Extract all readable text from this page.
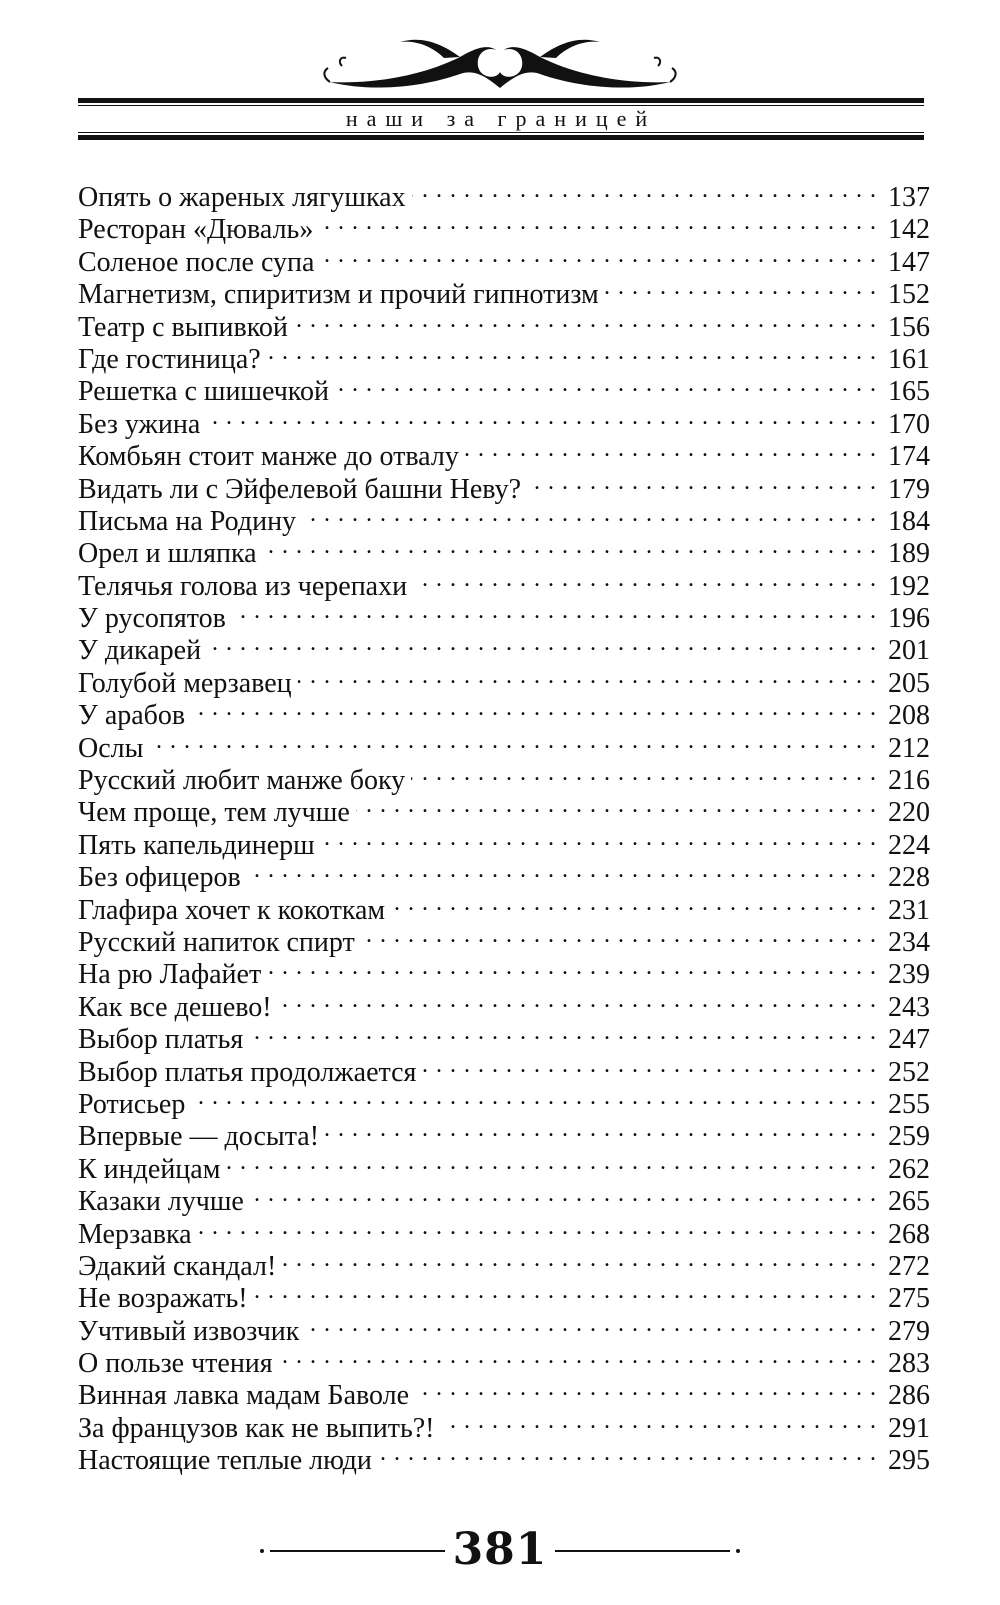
наши за границей
Опять о жареных лягушках . . .	137
Ресторан «Дюваль» . . .	142
Соленое после супа . . .	147
Магнетизм, спиритизм и прочий гипнотизм . . .	152
Театр с выпивкой . . .	156
Где гостиница? . . .	161
Решетка с шишечкой . . .	165
Без ужина . . .	170
Комбьян стоит манже до отвалу . . .	174
Видать ли с Эйфелевой башни Неву? . . .	179
Письма на Родину . . .	184
Орел и шляпка . . .	189
Телячья голова из черепахи . . .	192
У русопятов . . .	196
У дикарей . . .	201
Голубой мерзавец . . .	205
У арабов . . .	208
Ослы . . .	212
Русский любит манже боку . . .	216
Чем проще, тем лучше . . .	220
Пять капельдинерш . . .	224
Без офицеров . . .	228
Глафира хочет к кокоткам . . .	231
Русский напиток спирт . . .	234
На рю Лафайет . . .	239
Как все дешево! . . .	243
Выбор платья . . .	247
Выбор платья продолжается . . .	252
Ротисьер . . .	255
Впервые — досыта! . . .	259
К индейцам . . .	262
Казаки лучше . . .	265
Мерзавка . . .	268
Эдакий скандал! . . .	272
Не возражать! . . .	275
Учтивый извозчик . . .	279
О пользе чтения . . .	283
Винная лавка мадам Баволе . . .	286
За французов как не выпить?! . . .	291
Настоящие теплые люди . . .	295
381
